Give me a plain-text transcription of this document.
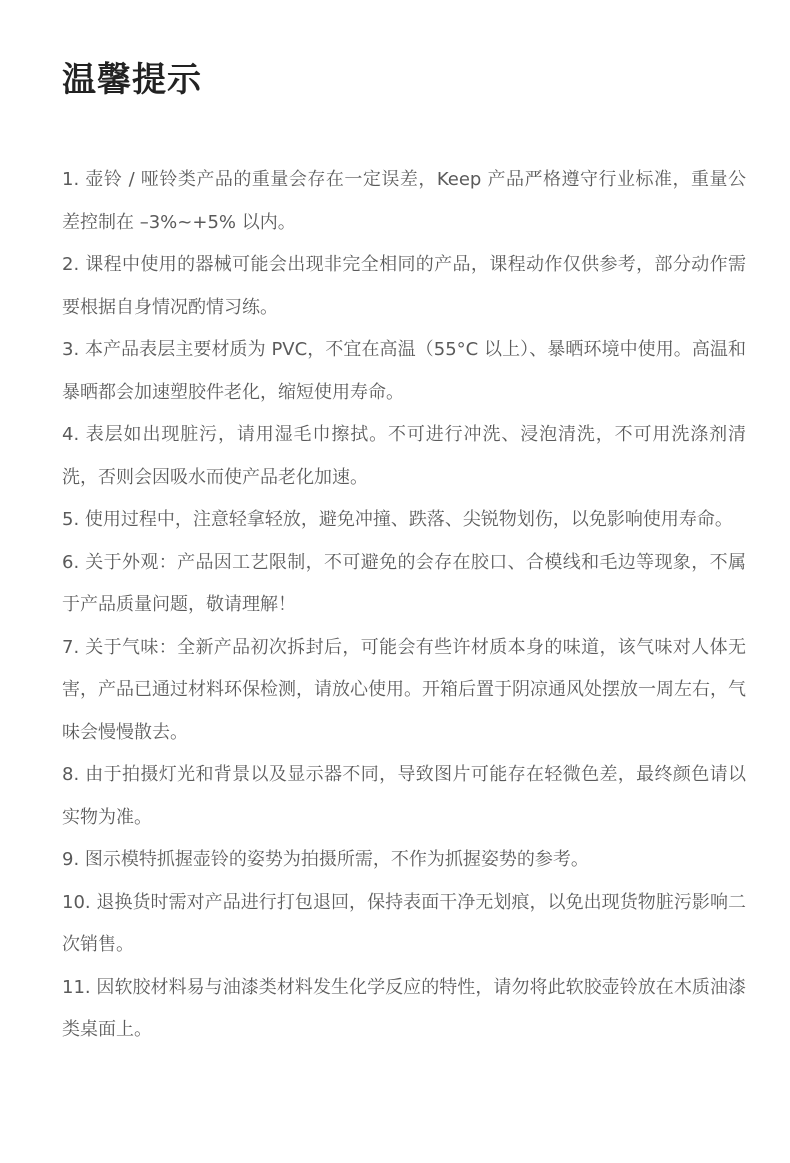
温馨提示
1. 壶铃 / 哑铃类产品的重量会存在一定误差，Keep 产品严格遵守行业标准，重量公差控制在 –3%~+5% 以内。
2. 课程中使用的器械可能会出现非完全相同的产品，课程动作仅供参考，部分动作需要根据自身情况酌情习练。
3. 本产品表层主要材质为 PVC，不宜在高温（55°C 以上）、暴晒环境中使用。高温和暴晒都会加速塑胶件老化，缩短使用寿命。
4. 表层如出现脏污，请用湿毛巾擦拭。不可进行冲洗、浸泡清洗，不可用洗涤剂清洗，否则会因吸水而使产品老化加速。
5. 使用过程中，注意轻拿轻放，避免冲撞、跌落、尖锐物划伤，以免影响使用寿命。
6. 关于外观：产品因工艺限制，不可避免的会存在胶口、合模线和毛边等现象，不属于产品质量问题，敬请理解！
7. 关于气味：全新产品初次拆封后，可能会有些许材质本身的味道，该气味对人体无害，产品已通过材料环保检测，请放心使用。开箱后置于阴凉通风处摆放一周左右，气味会慢慢散去。
8. 由于拍摄灯光和背景以及显示器不同，导致图片可能存在轻微色差，最终颜色请以实物为准。
9. 图示模特抓握壶铃的姿势为拍摄所需，不作为抓握姿势的参考。
10. 退换货时需对产品进行打包退回，保持表面干净无划痕，以免出现货物脏污影响二次销售。
11. 因软胶材料易与油漆类材料发生化学反应的特性，请勿将此软胶壶铃放在木质油漆类桌面上。
